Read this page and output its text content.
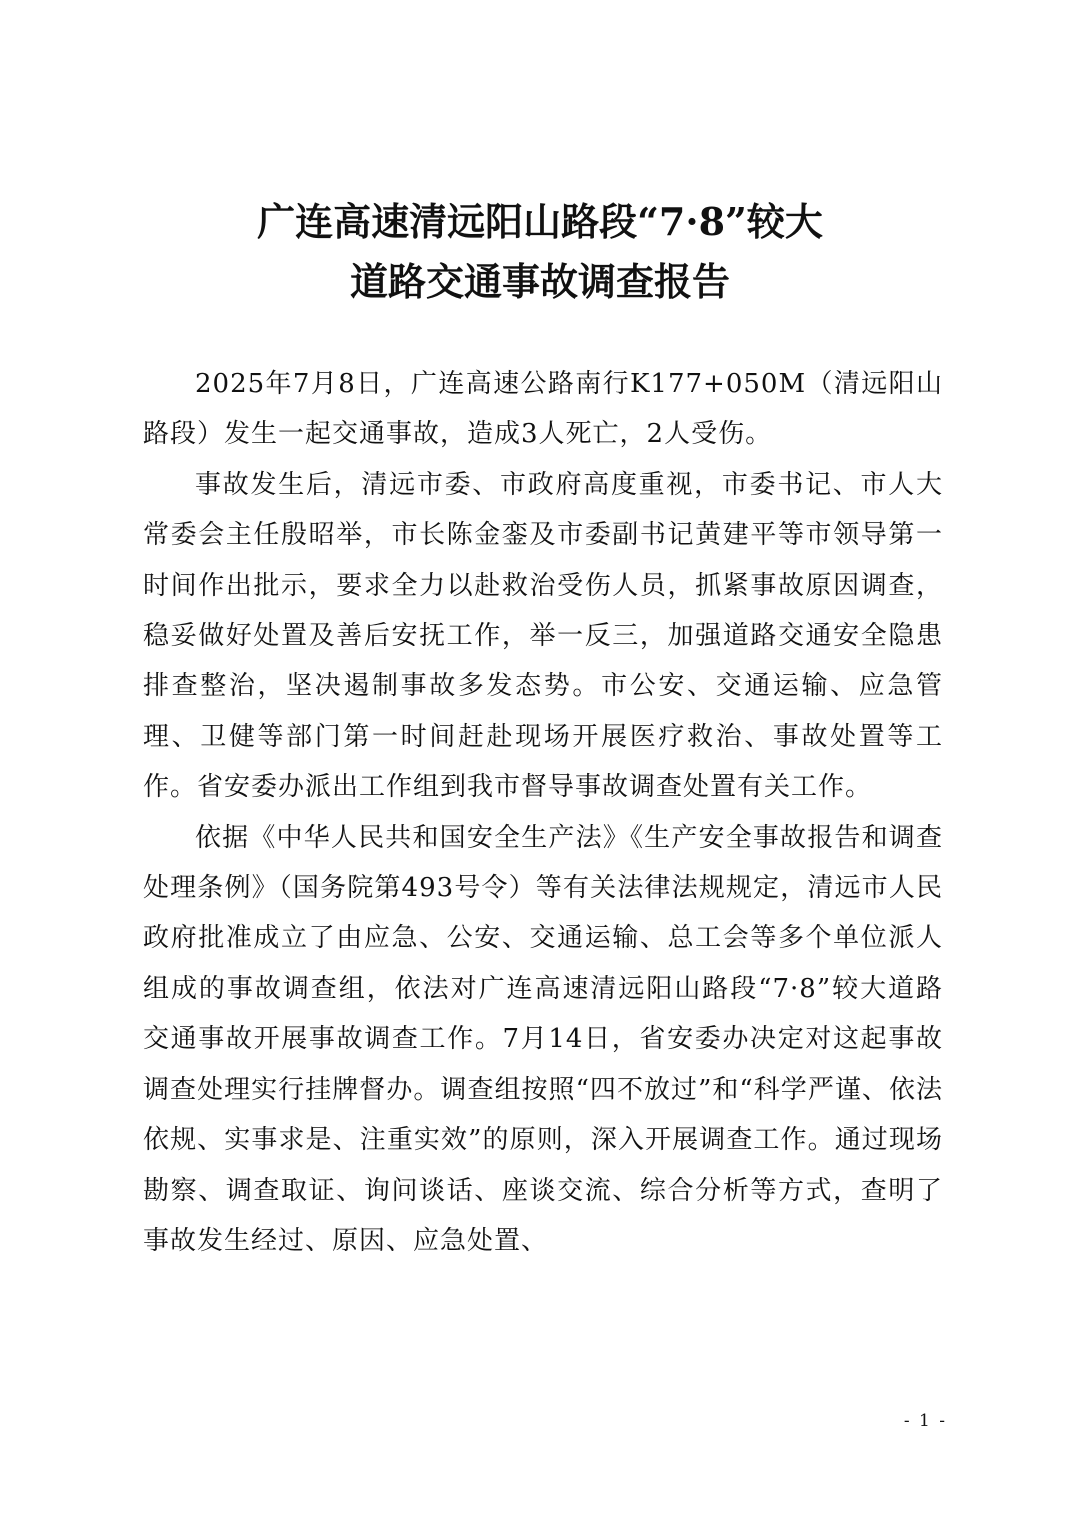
广连高速清远阳山路段“7·8”较大
道路交通事故调查报告

2025年7月8日，广连高速公路南行K177+050M（清远阳山路段）发生一起交通事故，造成3人死亡，2人受伤。

事故发生后，清远市委、市政府高度重视，市委书记、市人大常委会主任殷昭举，市长陈金銮及市委副书记黄建平等市领导第一时间作出批示，要求全力以赴救治受伤人员，抓紧事故原因调查，稳妥做好处置及善后安抚工作，举一反三，加强道路交通安全隐患排查整治，坚决遏制事故多发态势。市公安、交通运输、应急管理、卫健等部门第一时间赶赴现场开展医疗救治、事故处置等工作。省安委办派出工作组到我市督导事故调查处置有关工作。

依据《中华人民共和国安全生产法》《生产安全事故报告和调查处理条例》（国务院第493号令）等有关法律法规规定，清远市人民政府批准成立了由应急、公安、交通运输、总工会等多个单位派人组成的事故调查组，依法对广连高速清远阳山路段“7·8”较大道路交通事故开展事故调查工作。7月14日，省安委办决定对这起事故调查处理实行挂牌督办。调查组按照“四不放过”和“科学严谨、依法依规、实事求是、注重实效”的原则，深入开展调查工作。通过现场勘察、调查取证、询问谈话、座谈交流、综合分析等方式，查明了事故发生经过、原因、应急处置、

- 1 -
